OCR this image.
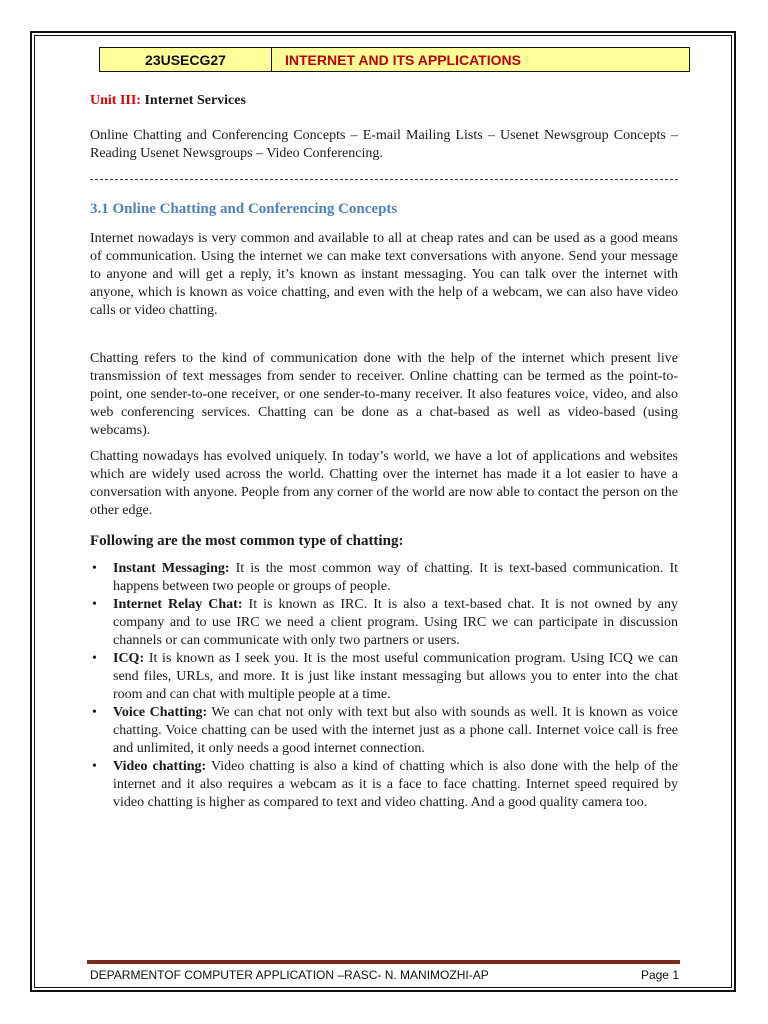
23USECG27	INTERNET AND ITS APPLICATIONS

Unit III: Internet Services

Online Chatting and Conferencing Concepts – E-mail Mailing Lists – Usenet Newsgroup Concepts – Reading Usenet Newsgroups – Video Conferencing.

3.1 Online Chatting and Conferencing Concepts

Internet nowadays is very common and available to all at cheap rates and can be used as a good means of communication. Using the internet we can make text conversations with anyone. Send your message to anyone and will get a reply, it’s known as instant messaging. You can talk over the internet with anyone, which is known as voice chatting, and even with the help of a webcam, we can also have video calls or video chatting.

Chatting refers to the kind of communication done with the help of the internet which present live transmission of text messages from sender to receiver. Online chatting can be termed as the point-to-point, one sender-to-one receiver, or one sender-to-many receiver. It also features voice, video, and also web conferencing services. Chatting can be done as a chat-based as well as video-based (using webcams).

Chatting nowadays has evolved uniquely. In today’s world, we have a lot of applications and websites which are widely used across the world. Chatting over the internet has made it a lot easier to have a conversation with anyone. People from any corner of the world are now able to contact the person on the other edge.

Following are the most common type of chatting:

• Instant Messaging: It is the most common way of chatting. It is text-based communication. It happens between two people or groups of people.
• Internet Relay Chat: It is known as IRC. It is also a text-based chat. It is not owned by any company and to use IRC we need a client program. Using IRC we can participate in discussion channels or can communicate with only two partners or users.
• ICQ: It is known as I seek you. It is the most useful communication program. Using ICQ we can send files, URLs, and more. It is just like instant messaging but allows you to enter into the chat room and can chat with multiple people at a time.
• Voice Chatting: We can chat not only with text but also with sounds as well. It is known as voice chatting. Voice chatting can be used with the internet just as a phone call. Internet voice call is free and unlimited, it only needs a good internet connection.
• Video chatting: Video chatting is also a kind of chatting which is also done with the help of the internet and it also requires a webcam as it is a face to face chatting. Internet speed required by video chatting is higher as compared to text and video chatting. And a good quality camera too.
DEPARMENTOF COMPUTER APPLICATION –RASC- N. MANIMOZHI-AP	Page 1
